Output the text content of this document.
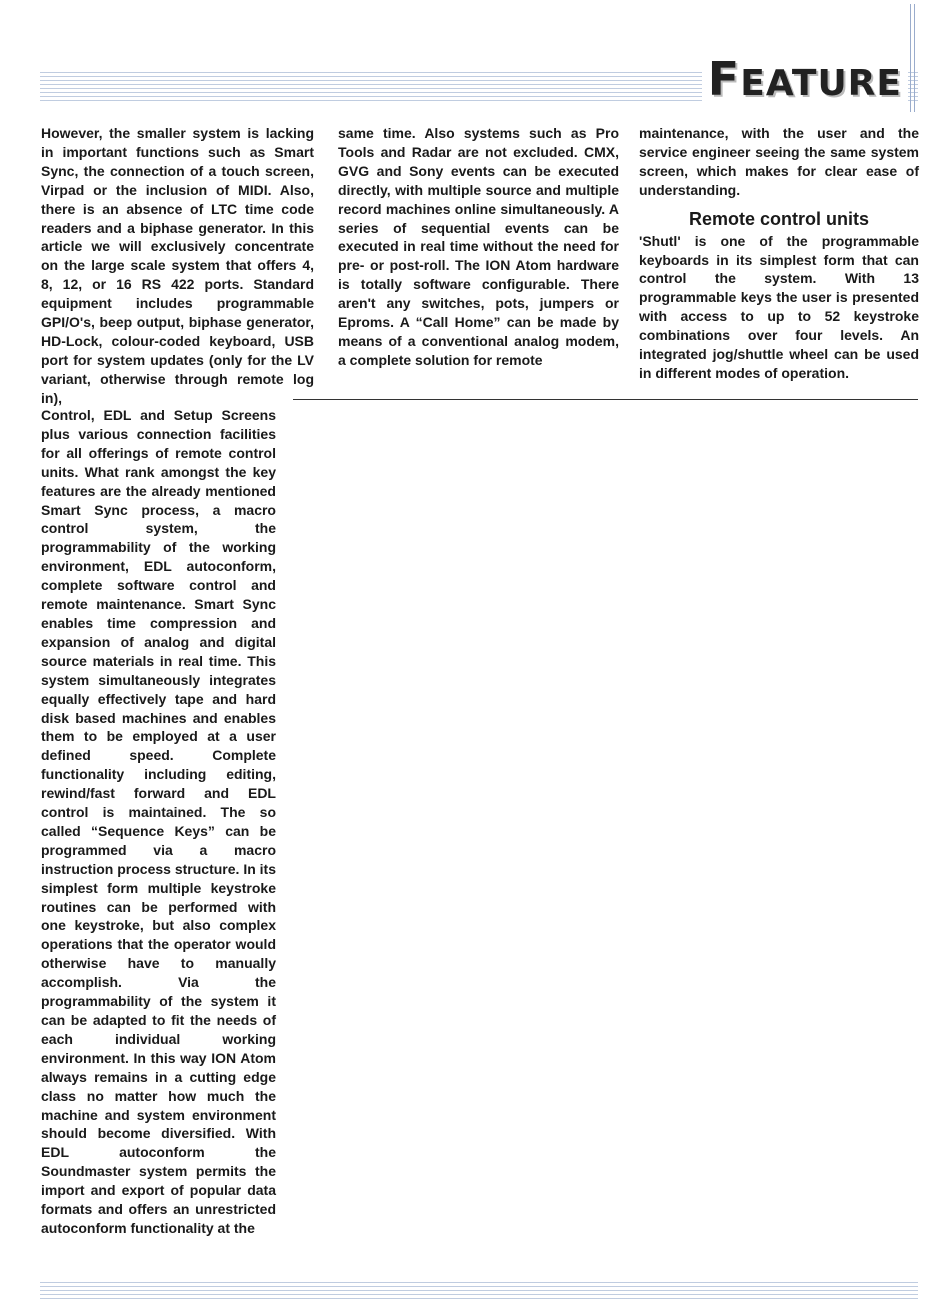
FEATURE

However, the smaller system is lacking in important functions such as Smart Sync, the connection of a touch screen, Virpad or the inclusion of MIDI. Also, there is an absence of LTC time code readers and a biphase generator. In this article we will exclusively concentrate on the large scale system that offers 4, 8, 12, or 16 RS 422 ports. Standard equipment includes programmable GPI/O's, beep output, biphase generator, HD-Lock, colour-coded keyboard, USB port for system updates (only for the LV variant, otherwise through remote log in),

Control, EDL and Setup Screens plus various connection facilities for all offerings of remote control units. What rank amongst the key features are the already mentioned Smart Sync process, a macro control system, the programmability of the working environment, EDL autoconform, complete software control and remote maintenance. Smart Sync enables time compression and expansion of analog and digital source materials in real time. This system simultaneously integrates equally effectively tape and hard disk based machines and enables them to be employed at a user defined speed. Complete functionality including editing, rewind/fast forward and EDL control is maintained. The so called “Sequence Keys” can be programmed via a macro instruction process structure. In its simplest form multiple keystroke routines can be performed with one keystroke, but also complex operations that the operator would otherwise have to manually accomplish. Via the programmability of the system it can be adapted to fit the needs of each individual working environment. In this way ION Atom always remains in a cutting edge class no matter how much the machine and system environment should become diversified. With EDL autoconform the Soundmaster system permits the import and export of popular data formats and offers an unrestricted autoconform functionality at the

same time. Also systems such as Pro Tools and Radar are not excluded. CMX, GVG and Sony events can be executed directly, with multiple source and multiple record machines online simultaneously. A series of sequential events can be executed in real time without the need for pre- or post-roll. The ION Atom hardware is totally software configurable. There aren't any switches, pots, jumpers or Eproms. A “Call Home” can be made by means of a conventional analog modem, a complete solution for remote

maintenance, with the user and the service engineer seeing the same system screen, which makes for clear ease of understanding.

Remote control units

'Shutl' is one of the programmable keyboards in its simplest form that can control the system. With 13 programmable keys the user is presented with access to up to 52 keystroke combinations over four levels. An integrated jog/shuttle wheel can be used in different modes of operation.
